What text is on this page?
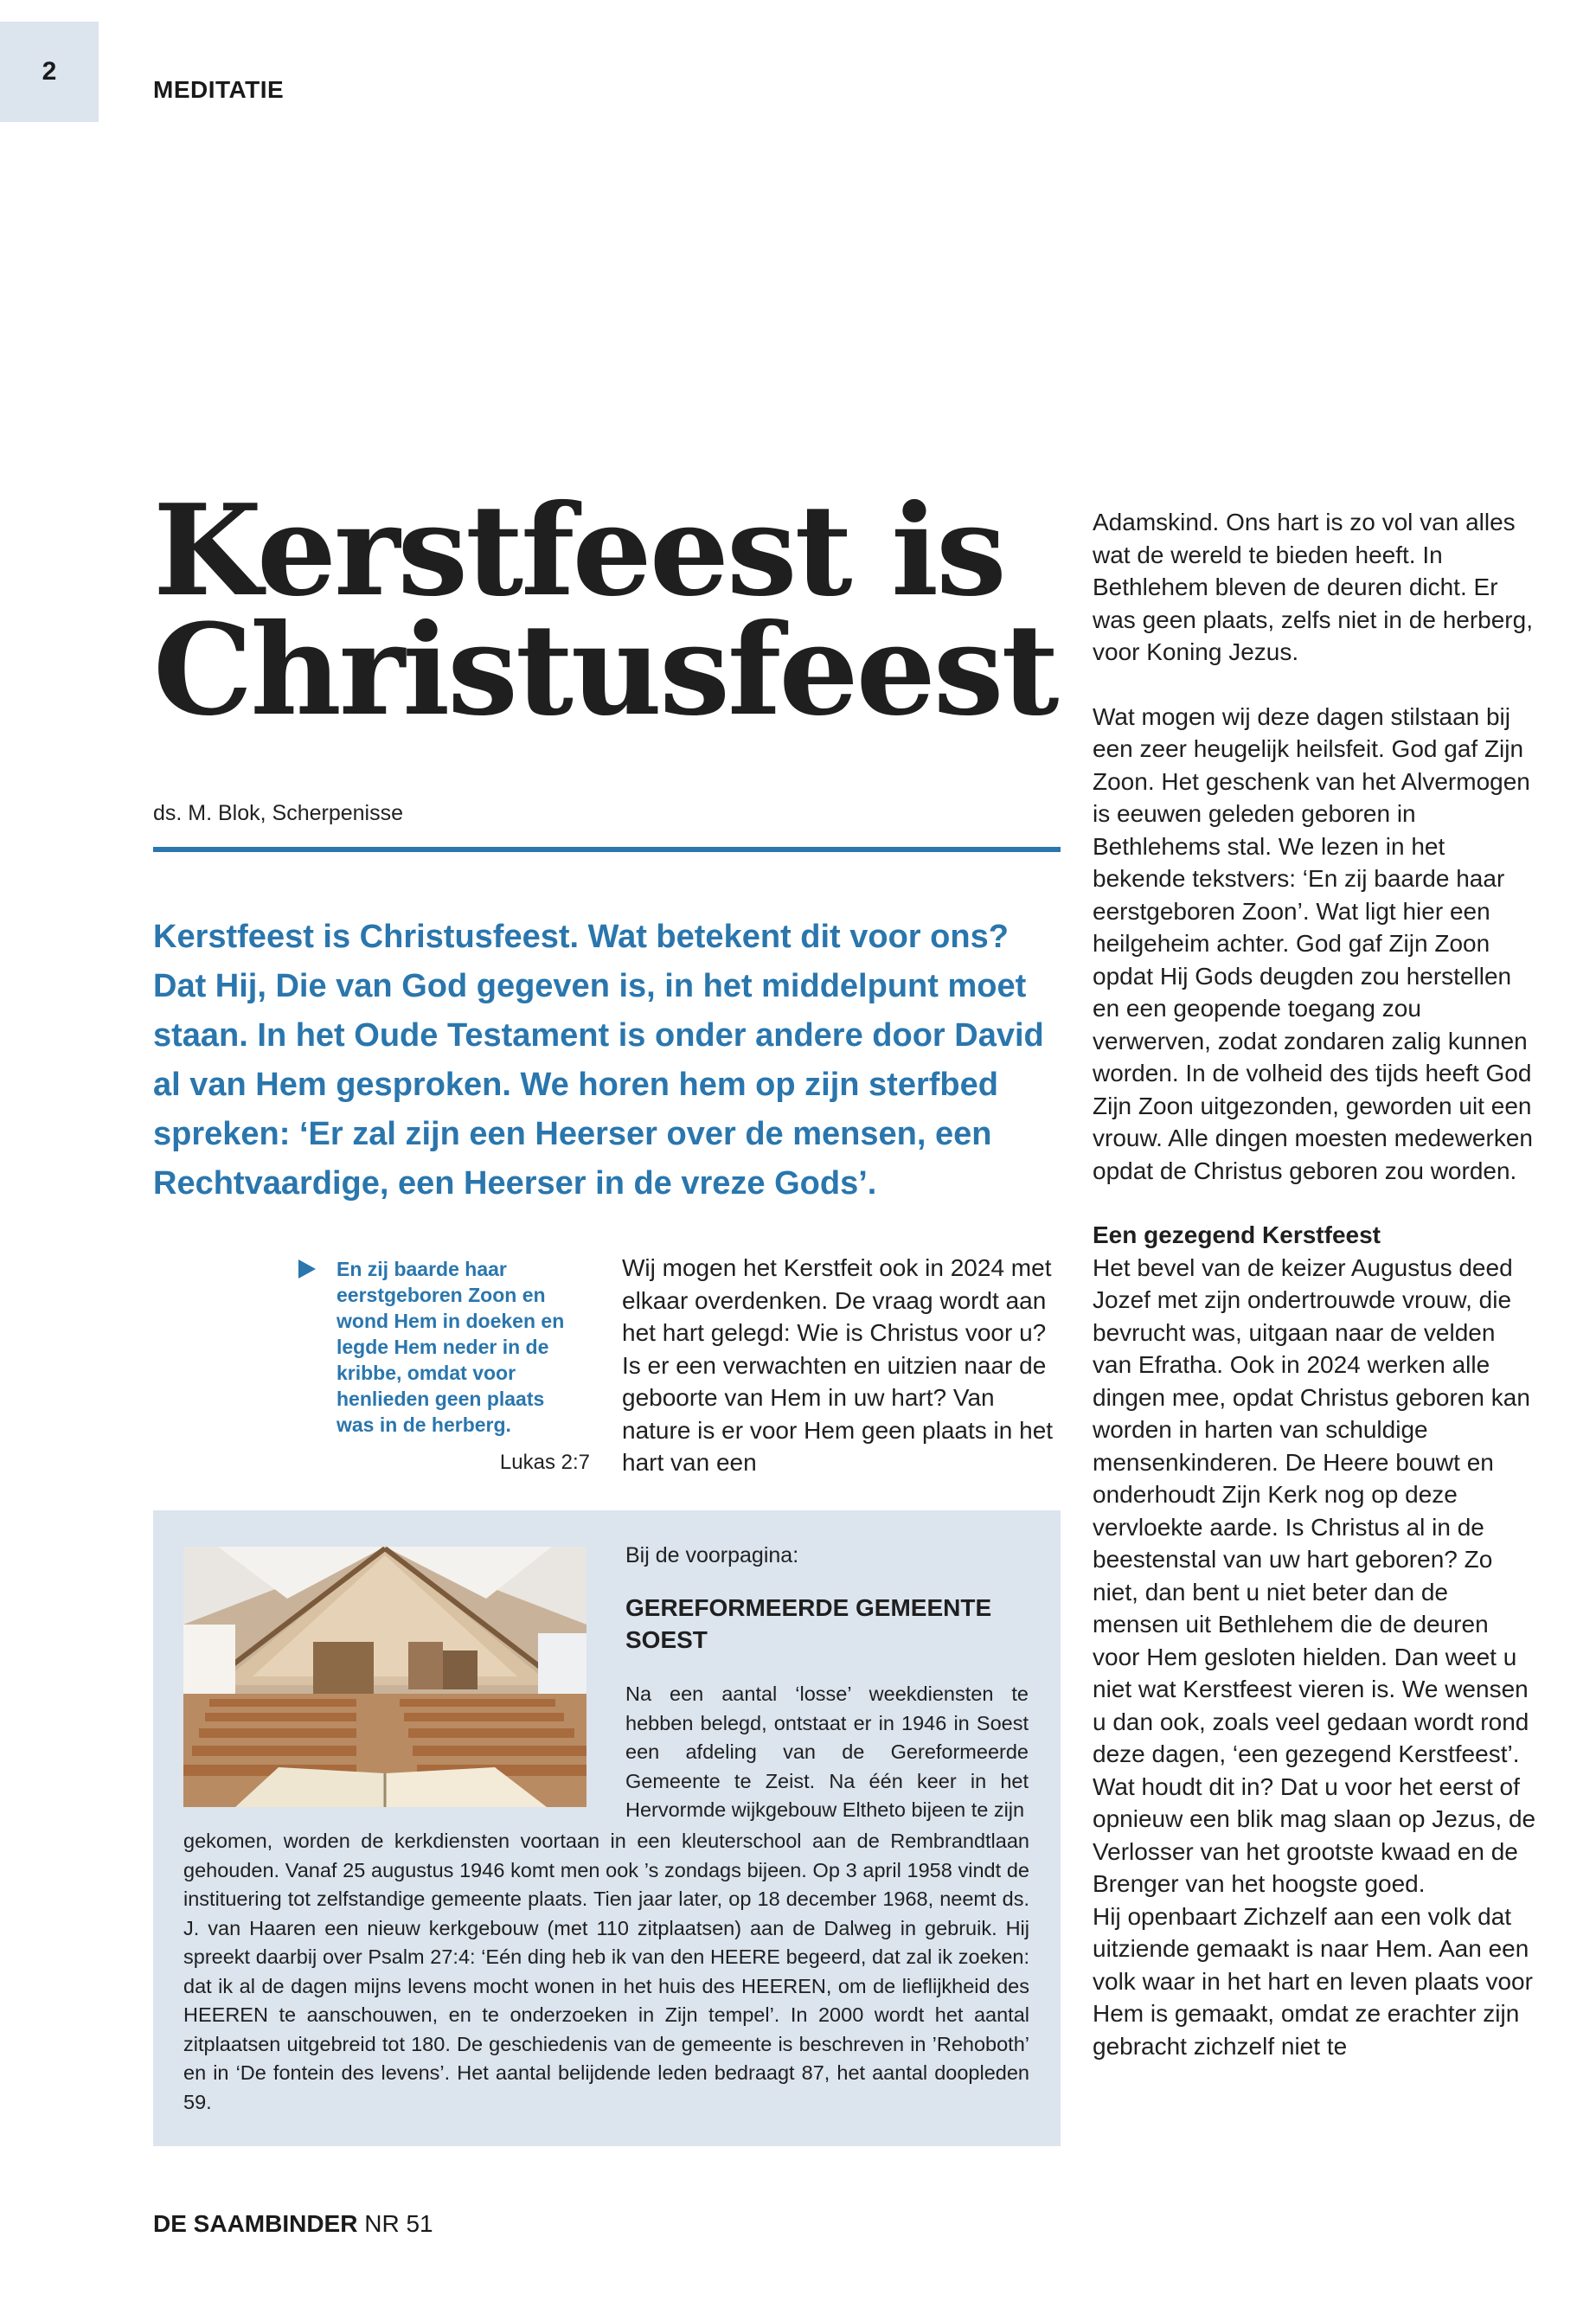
2
MEDITATIE
Kerstfeest is
Christusfeest
ds. M. Blok, Scherpenisse

Kerstfeest is Christusfeest. Wat betekent dit voor ons? Dat Hij, Die van God gegeven is, in het middelpunt moet staan. In het Oude Testament is onder andere door David al van Hem gesproken. We horen hem op zijn sterfbed spreken: ‘Er zal zijn een Heerser over de mensen, een Rechtvaardige, een Heerser in de vreze Gods’.

En zij baarde haar eerstgeboren Zoon en wond Hem in doeken en legde Hem neder in de kribbe, omdat voor henlieden geen plaats was in de herberg.

Lukas 2:7

Wij mogen het Kerstfeit ook in 2024 met elkaar overdenken. De vraag wordt aan het hart gelegd: Wie is Christus voor u? Is er een verwachten en uitzien naar de geboorte van Hem in uw hart? Van nature is er voor Hem geen plaats in het hart van een

Adamskind. Ons hart is zo vol van alles wat de wereld te bieden heeft. In Bethlehem bleven de deuren dicht. Er was geen plaats, zelfs niet in de herberg, voor Koning Jezus.

Wat mogen wij deze dagen stilstaan bij een zeer heugelijk heilsfeit. God gaf Zijn Zoon. Het geschenk van het Alvermogen is eeuwen geleden geboren in Bethlehems stal. We lezen in het bekende tekstvers: ‘En zij baarde haar eerstgeboren Zoon’. Wat ligt hier een heilgeheim achter. God gaf Zijn Zoon opdat Hij Gods deugden zou herstellen en een geopende toegang zou verwerven, zodat zondaren zalig kunnen worden. In de volheid des tijds heeft God Zijn Zoon uitgezonden, geworden uit een vrouw. Alle dingen moesten medewerken opdat de Christus geboren zou worden.

Een gezegend Kerstfeest

Het bevel van de keizer Augustus deed Jozef met zijn ondertrouwde vrouw, die bevrucht was, uitgaan naar de velden van Efratha. Ook in 2024 werken alle dingen mee, opdat Christus geboren kan worden in harten van schuldige mensenkinderen. De Heere bouwt en onderhoudt Zijn Kerk nog op deze vervloekte aarde. Is Christus al in de beestenstal van uw hart geboren? Zo niet, dan bent u niet beter dan de mensen uit Bethlehem die de deuren voor Hem gesloten hielden. Dan weet u niet wat Kerstfeest vieren is. We wensen u dan ook, zoals veel gedaan wordt rond deze dagen, ‘een gezegend Kerstfeest’. Wat houdt dit in? Dat u voor het eerst of opnieuw een blik mag slaan op Jezus, de Verlosser van het grootste kwaad en de Brenger van het hoogste goed.

Hij openbaart Zichzelf aan een volk dat uitziende gemaakt is naar Hem. Aan een volk waar in het hart en leven plaats voor Hem is gemaakt, omdat ze erachter zijn gebracht zichzelf niet te

Bij de voorpagina:

GEREFORMEERDE GEMEENTE SOEST

Na een aantal ‘losse’ weekdiensten te hebben belegd, ontstaat er in 1946 in Soest een afdeling van de Gereformeerde Gemeente te Zeist. Na één keer in het Hervormde wijkgebouw Eltheto bijeen te zijn

gekomen, worden de kerkdiensten voortaan in een kleuterschool aan de Rembrandtlaan gehouden. Vanaf 25 augustus 1946 komt men ook ’s zondags bijeen. Op 3 april 1958 vindt de instituering tot zelfstandige gemeente plaats. Tien jaar later, op 18 december 1968, neemt ds. J. van Haaren een nieuw kerkgebouw (met 110 zitplaatsen) aan de Dalweg in gebruik. Hij spreekt daarbij over Psalm 27:4: ‘Eén ding heb ik van den HEERE begeerd, dat zal ik zoeken: dat ik al de dagen mijns levens mocht wonen in het huis des HEEREN, om de lieflijkheid des HEEREN te aanschouwen, en te onderzoeken in Zijn tempel’. In 2000 wordt het aantal zitplaatsen uitgebreid tot 180. De geschiedenis van de gemeente is beschreven in ’Rehoboth’ en in ‘De fontein des levens’. Het aantal belijdende leden bedraagt 87, het aantal doopleden 59.

DE SAAMBINDER NR 51
